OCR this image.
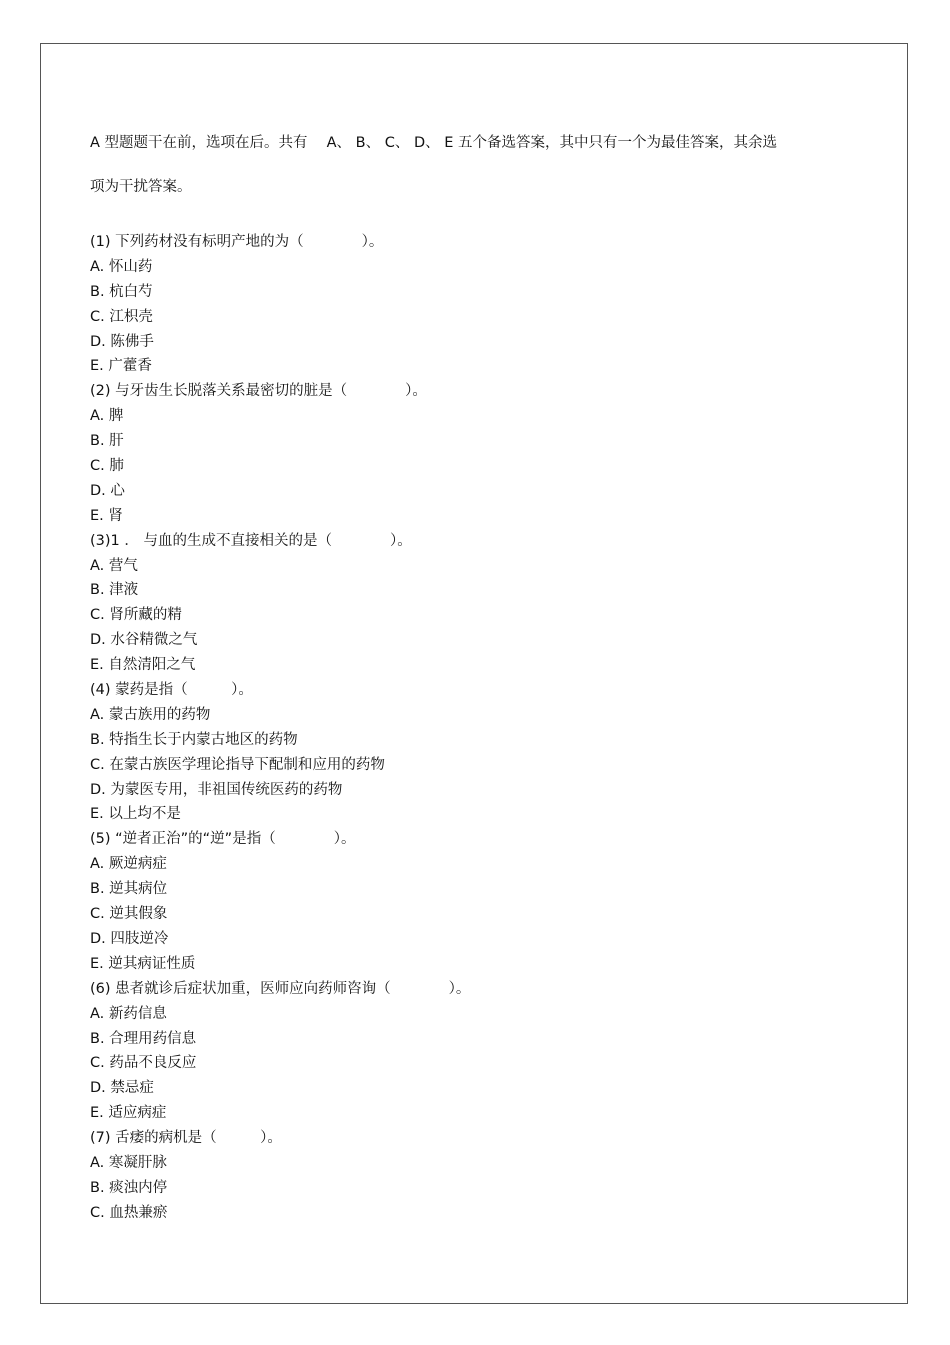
A 型题题干在前，选项在后。共有　 A、 B、 C、 D、 E 五个备选答案，其中只有一个为最佳答案，其余选
项为干扰答案。
(1) 下列药材没有标明产地的为（　　　　）。
A. 怀山药
B. 杭白芍
C. 江枳壳
D. 陈佛手
E. 广藿香
(2) 与牙齿生长脱落关系最密切的脏是（　　　　）。
A. 脾
B. 肝
C. 肺
D. 心
E. 肾
(3)1 ． 与血的生成不直接相关的是（　　　　）。
A. 营气
B. 津液
C. 肾所藏的精
D. 水谷精微之气
E. 自然清阳之气
(4) 蒙药是指（　　　）。
A. 蒙古族用的药物
B. 特指生长于内蒙古地区的药物
C. 在蒙古族医学理论指导下配制和应用的药物
D. 为蒙医专用，非祖国传统医药的药物
E. 以上均不是
(5) “逆者正治”的“逆”是指（　　　　）。
A. 厥逆病症
B. 逆其病位
C. 逆其假象
D. 四肢逆冷
E. 逆其病证性质
(6) 患者就诊后症状加重，医师应向药师咨询（　　　　）。
A. 新药信息
B. 合理用药信息
C. 药品不良反应
D. 禁忌症
E. 适应病症
(7) 舌痿的病机是（　　　）。
A. 寒凝肝脉
B. 痰浊内停
C. 血热兼瘀
